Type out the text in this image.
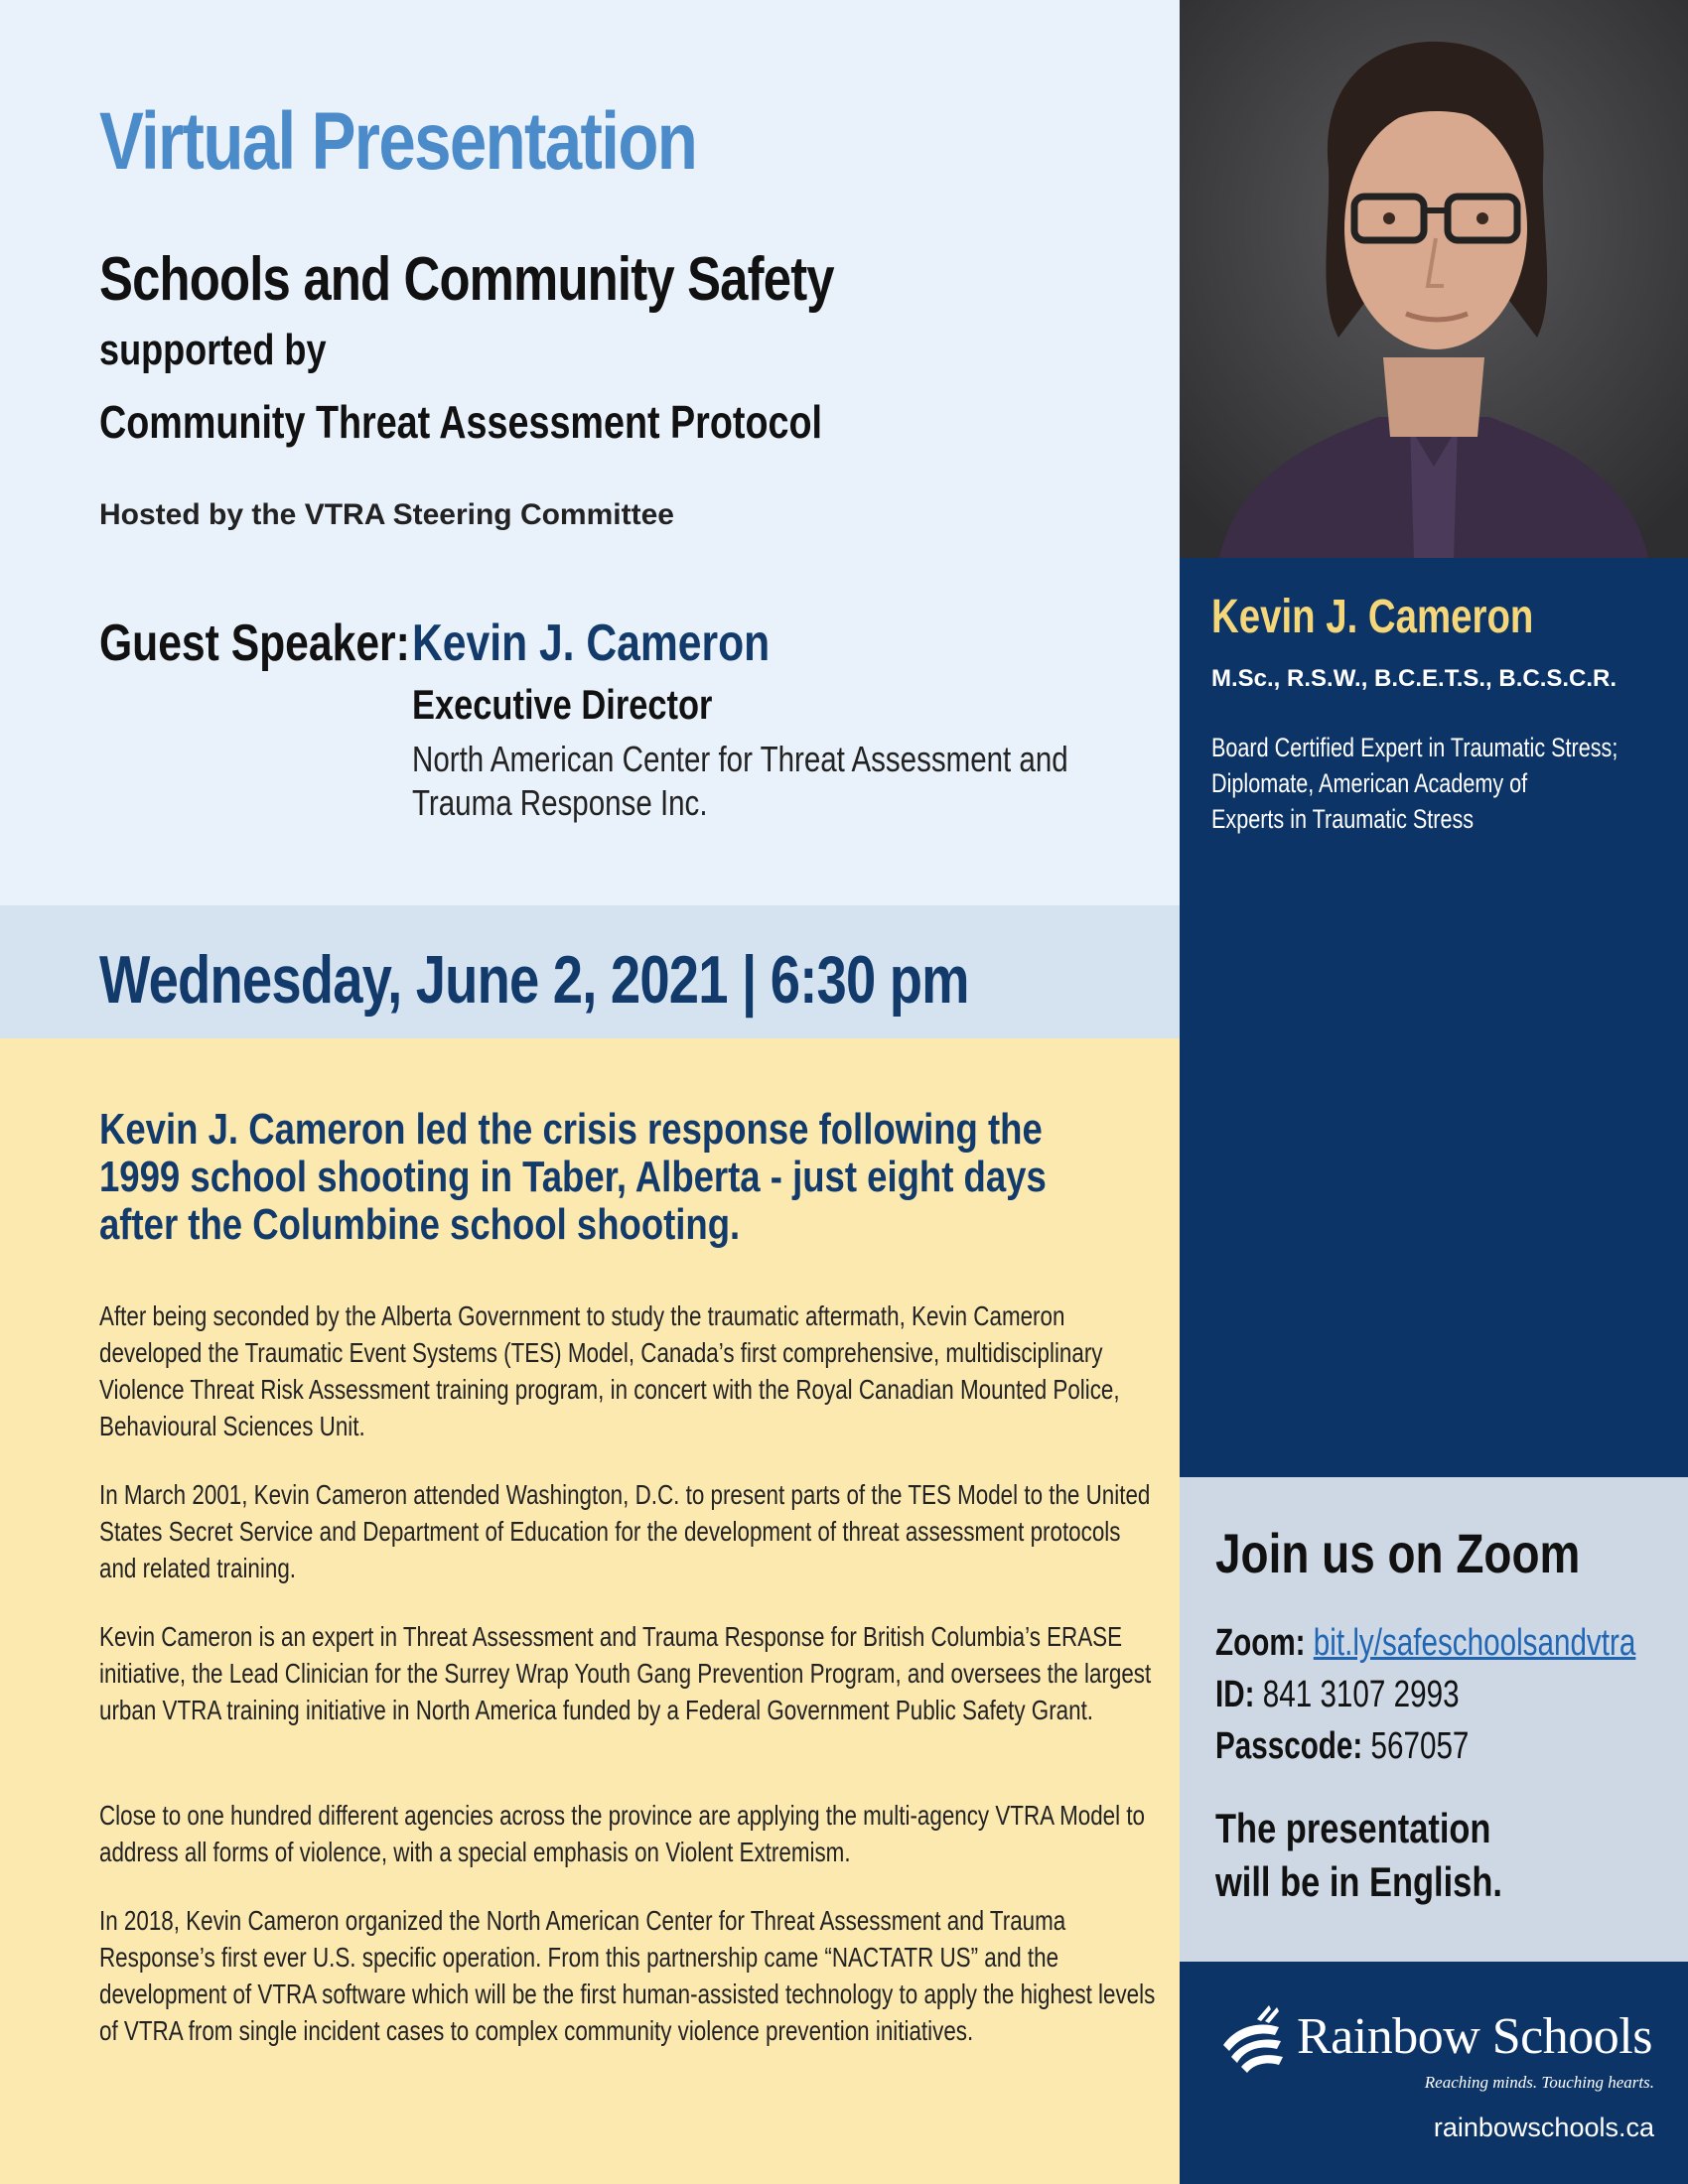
Virtual Presentation
Schools and Community Safety
supported by
Community Threat Assessment Protocol
Hosted by the VTRA Steering Committee
Guest Speaker: Kevin J. Cameron
Executive Director
North American Center for Threat Assessment and
Trauma Response Inc.
Wednesday, June 2, 2021 | 6:30 pm
Kevin J. Cameron led the crisis response following the 1999 school shooting in Taber, Alberta - just eight days after the Columbine school shooting.

After being seconded by the Alberta Government to study the traumatic aftermath, Kevin Cameron developed the Traumatic Event Systems (TES) Model, Canada’s first comprehensive, multidisciplinary Violence Threat Risk Assessment training program, in concert with the Royal Canadian Mounted Police, Behavioural Sciences Unit.

In March 2001, Kevin Cameron attended Washington, D.C. to present parts of the TES Model to the United States Secret Service and Department of Education for the development of threat assessment protocols and related training.

Kevin Cameron is an expert in Threat Assessment and Trauma Response for British Columbia’s ERASE initiative, the Lead Clinician for the Surrey Wrap Youth Gang Prevention Program, and oversees the largest urban VTRA training initiative in North America funded by a Federal Government Public Safety Grant.

Close to one hundred different agencies across the province are applying the multi-agency VTRA Model to address all forms of violence, with a special emphasis on Violent Extremism.

In 2018, Kevin Cameron organized the North American Center for Threat Assessment and Trauma Response’s first ever U.S. specific operation. From this partnership came “NACTATR US” and the development of VTRA software which will be the first human-assisted technology to apply the highest levels of VTRA from single incident cases to complex community violence prevention initiatives.

Kevin J. Cameron
M.Sc., R.S.W., B.C.E.T.S., B.C.S.C.R.
Board Certified Expert in Traumatic Stress;
Diplomate, American Academy of
Experts in Traumatic Stress
Join us on Zoom
Zoom: bit.ly/safeschoolsandvtra
ID: 841 3107 2993
Passcode: 567057
The presentation
will be in English.
Rainbow Schools
Reaching minds. Touching hearts.
rainbowschools.ca
